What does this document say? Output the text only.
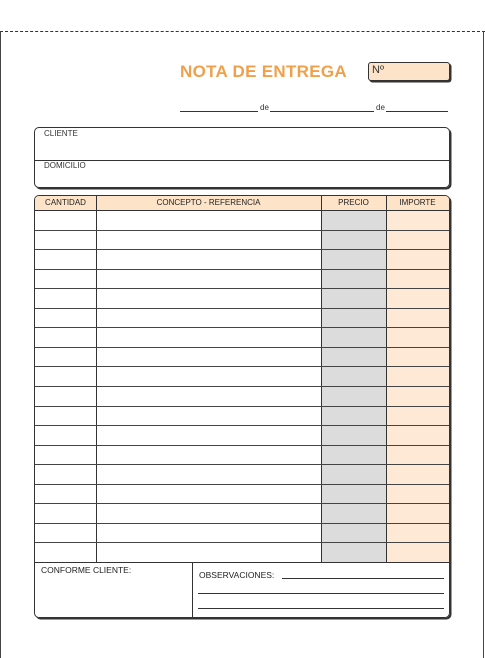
NOTA DE ENTREGA Nº
de	de
CLIENTE
DOMICILIO
CANTIDAD	CONCEPTO - REFERENCIA	PRECIO	IMPORTE
CONFORME CLIENTE:	OBSERVACIONES:
